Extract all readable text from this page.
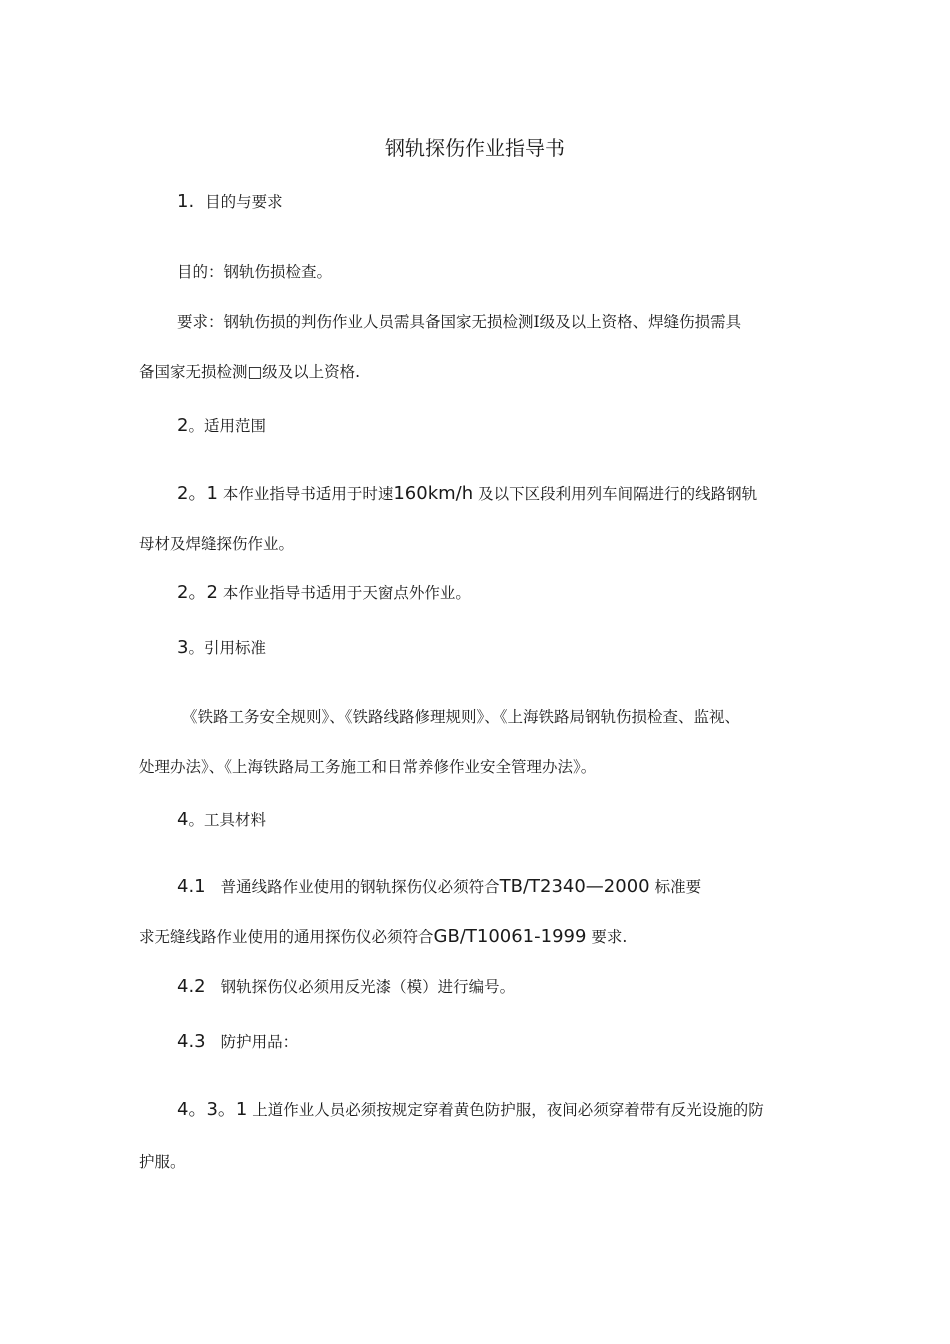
钢轨探伤作业指导书
1. 目的与要求
目的：钢轨伤损检查。
要求：钢轨伤损的判伤作业人员需具备国家无损检测Ⅰ级及以上资格、焊缝伤损需具
备国家无损检测□级及以上资格.
2。适用范围
2。1 本作业指导书适用于时速160km/h 及以下区段利用列车间隔进行的线路钢轨
母材及焊缝探伤作业。
2。2 本作业指导书适用于天窗点外作业。
3。引用标准
《铁路工务安全规则》、《铁路线路修理规则》、《上海铁路局钢轨伤损检查、监视、
处理办法》、《上海铁路局工务施工和日常养修作业安全管理办法》。
4。工具材料
4.1 普通线路作业使用的钢轨探伤仪必须符合TB/T2340—2000 标准要
求无缝线路作业使用的通用探伤仪必须符合GB/T10061-1999 要求.
4.2 钢轨探伤仪必须用反光漆（模）进行编号。
4.3 防护用品：
4。3。1 上道作业人员必须按规定穿着黄色防护服，夜间必须穿着带有反光设施的防
护服。
